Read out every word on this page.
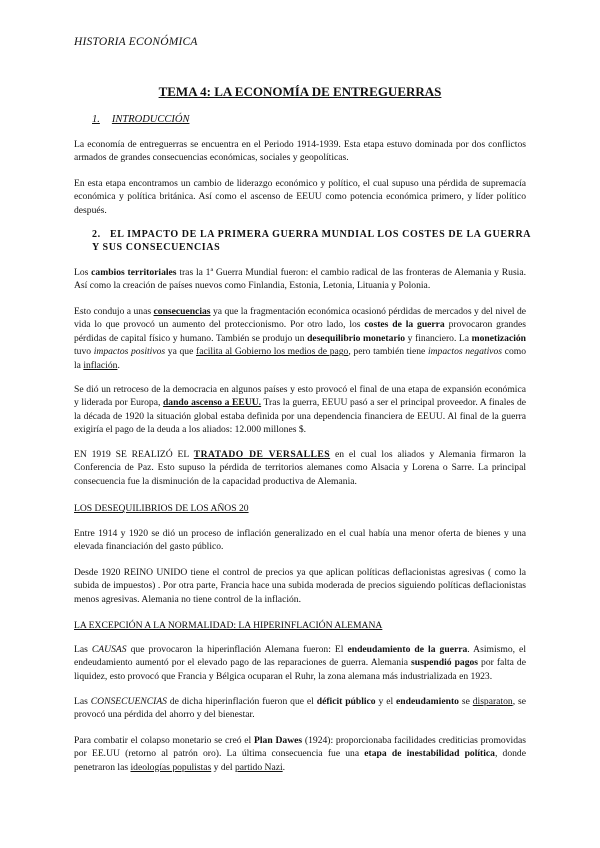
HISTORIA ECONÓMICA
TEMA 4: LA ECONOMÍA DE ENTREGUERRAS
1. INTRODUCCIÓN
La economía de entreguerras se encuentra en el Periodo 1914-1939. Esta etapa estuvo dominada por dos conflictos armados de grandes consecuencias económicas, sociales y geopolíticas.
En esta etapa encontramos un cambio de liderazgo económico y político, el cual supuso una pérdida de supremacía económica y política británica. Así como el ascenso de EEUU como potencia económica primero, y líder político después.
2. EL IMPACTO DE LA PRIMERA GUERRA MUNDIAL LOS COSTES DE LA GUERRA Y SUS CONSECUENCIAS
Los cambios territoriales tras la 1ª Guerra Mundial fueron: el cambio radical de las fronteras de Alemania y Rusia. Así como la creación de países nuevos como Finlandia, Estonia, Letonia, Lituania y Polonia.
Esto condujo a unas consecuencias ya que la fragmentación económica ocasionó pérdidas de mercados y del nivel de vida lo que provocó un aumento del proteccionismo. Por otro lado, los costes de la guerra provocaron grandes pérdidas de capital físico y humano. También se produjo un desequilibrio monetario y financiero. La monetización tuvo impactos positivos ya que facilita al Gobierno los medios de pago, pero también tiene impactos negativos como la inflación.
Se dió un retroceso de la democracia en algunos países y esto provocó el final de una etapa de expansión económica y liderada por Europa, dando ascenso a EEUU. Tras la guerra, EEUU pasó a ser el principal proveedor. A finales de la década de 1920 la situación global estaba definida por una dependencia financiera de EEUU. Al final de la guerra exigiría el pago de la deuda a los aliados: 12.000 millones $.
EN 1919 SE REALIZÓ EL TRATADO DE VERSALLES en el cual los aliados y Alemania firmaron la Conferencia de Paz. Esto supuso la pérdida de territorios alemanes como Alsacia y Lorena o Sarre. La principal consecuencia fue la disminución de la capacidad productiva de Alemania.
LOS DESEQUILIBRIOS DE LOS AÑOS 20
Entre 1914 y 1920 se dió un proceso de inflación generalizado en el cual había una menor oferta de bienes y una elevada financiación del gasto público.
Desde 1920 REINO UNIDO tiene el control de precios ya que aplican políticas deflacionistas agresivas ( como la subida de impuestos) . Por otra parte, Francia hace una subida moderada de precios siguiendo políticas deflacionistas menos agresivas. Alemania no tiene control de la inflación.
LA EXCEPCIÓN A LA NORMALIDAD: LA HIPERINFLACIÓN ALEMANA
Las CAUSAS que provocaron la hiperinflación Alemana fueron: El endeudamiento de la guerra. Asimismo, el endeudamiento aumentó por el elevado pago de las reparaciones de guerra. Alemania suspendió pagos por falta de liquidez, esto provocó que Francia y Bélgica ocuparan el Ruhr, la zona alemana más industrializada en 1923.
Las CONSECUENCIAS de dicha hiperinflación fueron que el déficit público y el endeudamiento se disparaton, se provocó una pérdida del ahorro y del bienestar.
Para combatir el colapso monetario se creó el Plan Dawes (1924): proporcionaba facilidades crediticias promovidas por EE.UU (retorno al patrón oro). La última consecuencia fue una etapa de inestabilidad política, donde penetraron las ideologías populistas y del partido Nazi.
